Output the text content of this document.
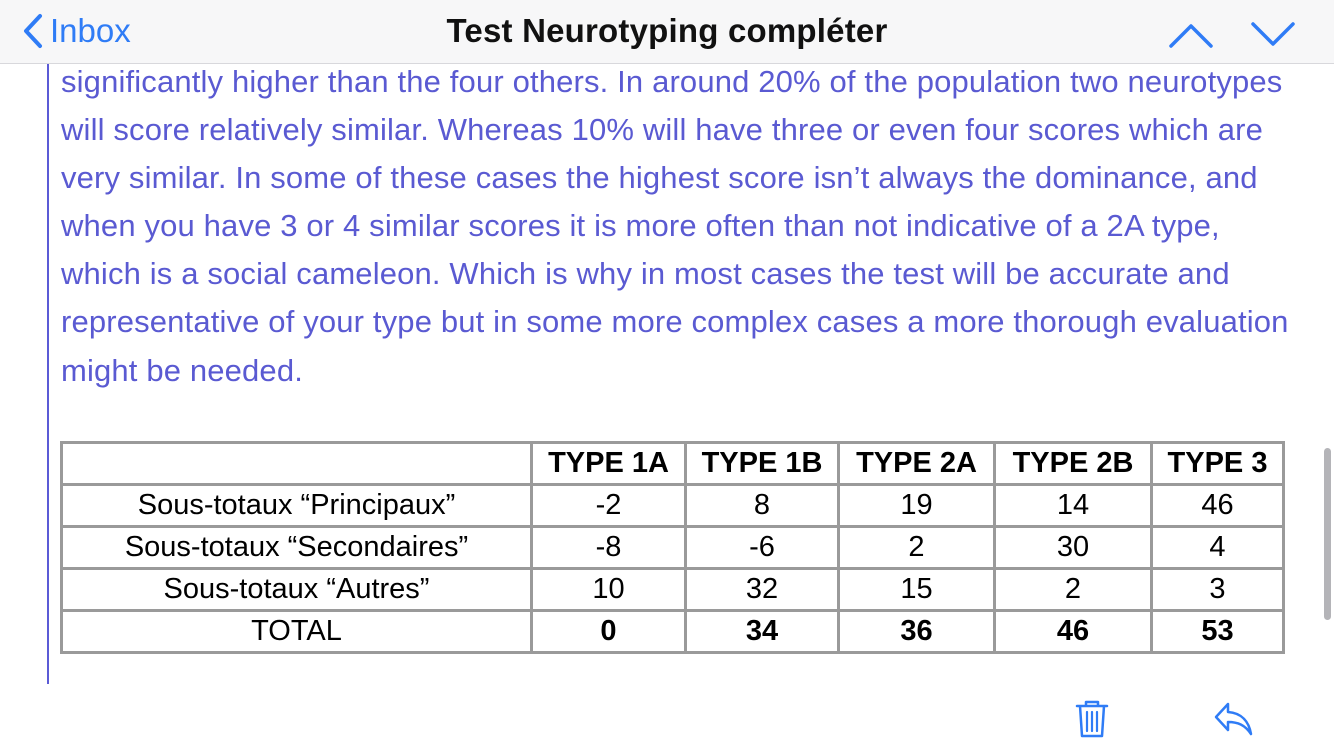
Inbox	Test Neurotyping compléter

significantly higher than the four others. In around 20% of the population two neurotypes will score relatively similar. Whereas 10% will have three or even four scores which are very similar. In some of these cases the highest score isn’t always the dominance, and when you have 3 or 4 similar scores it is more often than not indicative of a 2A type, which is a social cameleon. Which is why in most cases the test will be accurate and representative of your type but in some more complex cases a more thorough evaluation might be needed.

	TYPE 1A	TYPE 1B	TYPE 2A	TYPE 2B	TYPE 3
Sous-totaux “Principaux”	-2	8	19	14	46
Sous-totaux “Secondaires”	-8	-6	2	30	4
Sous-totaux “Autres”	10	32	15	2	3
TOTAL	0	34	36	46	53
